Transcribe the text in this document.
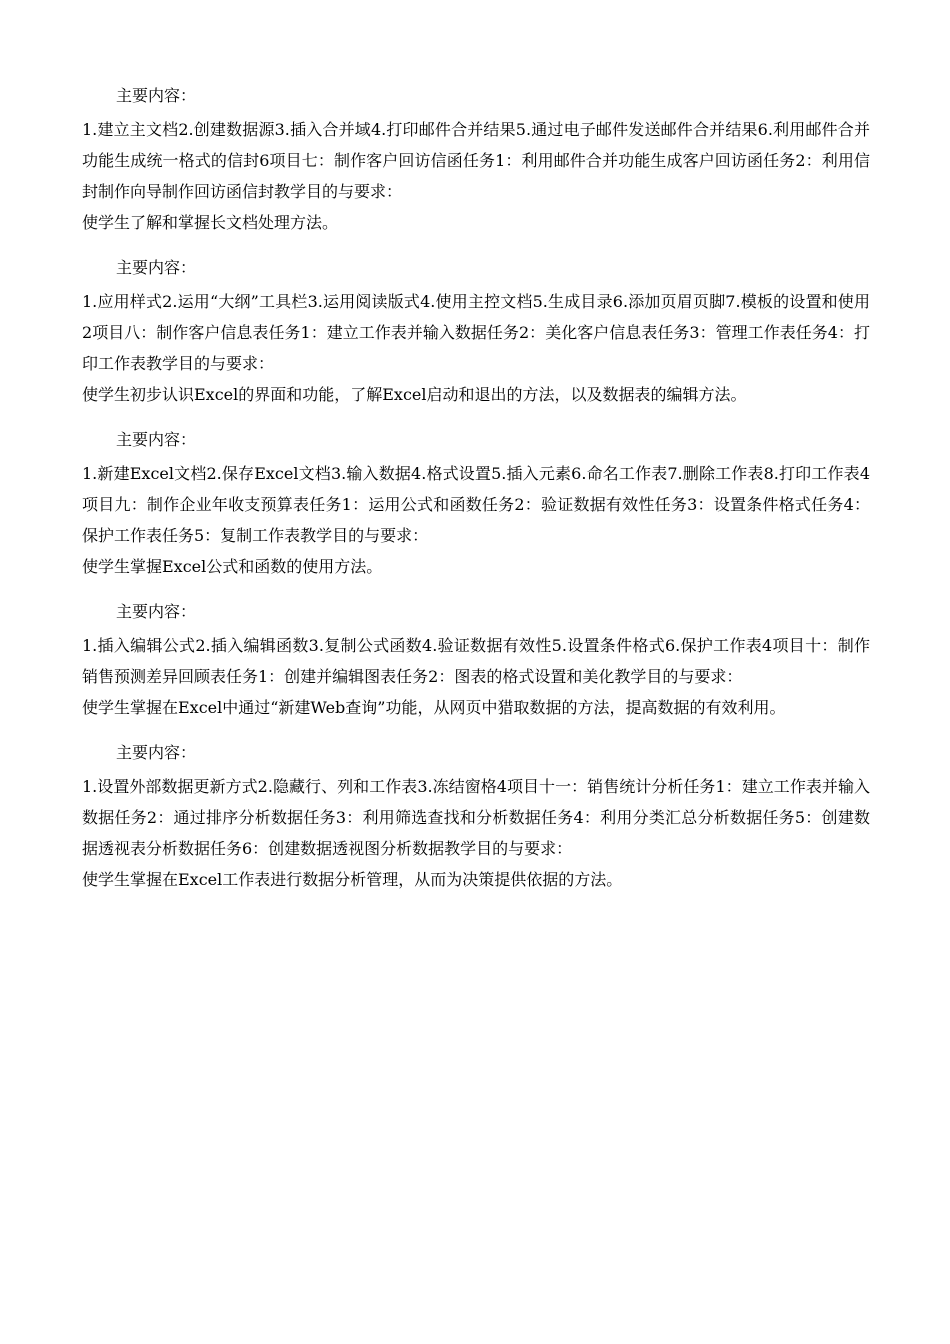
主要内容：

1.建立主文档2.创建数据源3.插入合并域4.打印邮件合并结果5.通过电子邮件发送邮件合并结果6.利用邮件合并功能生成统一格式的信封6项目七：制作客户回访信函任务1：利用邮件合并功能生成客户回访函任务2：利用信封制作向导制作回访函信封教学目的与要求：

使学生了解和掌握长文档处理方法。

主要内容：

1.应用样式2.运用“大纲”工具栏3.运用阅读版式4.使用主控文档5.生成目录6.添加页眉页脚7.模板的设置和使用2项目八：制作客户信息表任务1：建立工作表并输入数据任务2：美化客户信息表任务3：管理工作表任务4：打印工作表教学目的与要求：

使学生初步认识Excel的界面和功能，了解Excel启动和退出的方法，以及数据表的编辑方法。

主要内容：

1.新建Excel文档2.保存Excel文档3.输入数据4.格式设置5.插入元素6.命名工作表7.删除工作表8.打印工作表4项目九：制作企业年收支预算表任务1：运用公式和函数任务2：验证数据有效性任务3：设置条件格式任务4：保护工作表任务5：复制工作表教学目的与要求：

使学生掌握Excel公式和函数的使用方法。

主要内容：

1.插入编辑公式2.插入编辑函数3.复制公式函数4.验证数据有效性5.设置条件格式6.保护工作表4项目十：制作销售预测差异回顾表任务1：创建并编辑图表任务2：图表的格式设置和美化教学目的与要求：

使学生掌握在Excel中通过“新建Web查询”功能，从网页中猎取数据的方法，提高数据的有效利用。

主要内容：

1.设置外部数据更新方式2.隐藏行、列和工作表3.冻结窗格4项目十一：销售统计分析任务1：建立工作表并输入数据任务2：通过排序分析数据任务3：利用筛选查找和分析数据任务4：利用分类汇总分析数据任务5：创建数据透视表分析数据任务6：创建数据透视图分析数据教学目的与要求：

使学生掌握在Excel工作表进行数据分析管理，从而为决策提供依据的方法。
